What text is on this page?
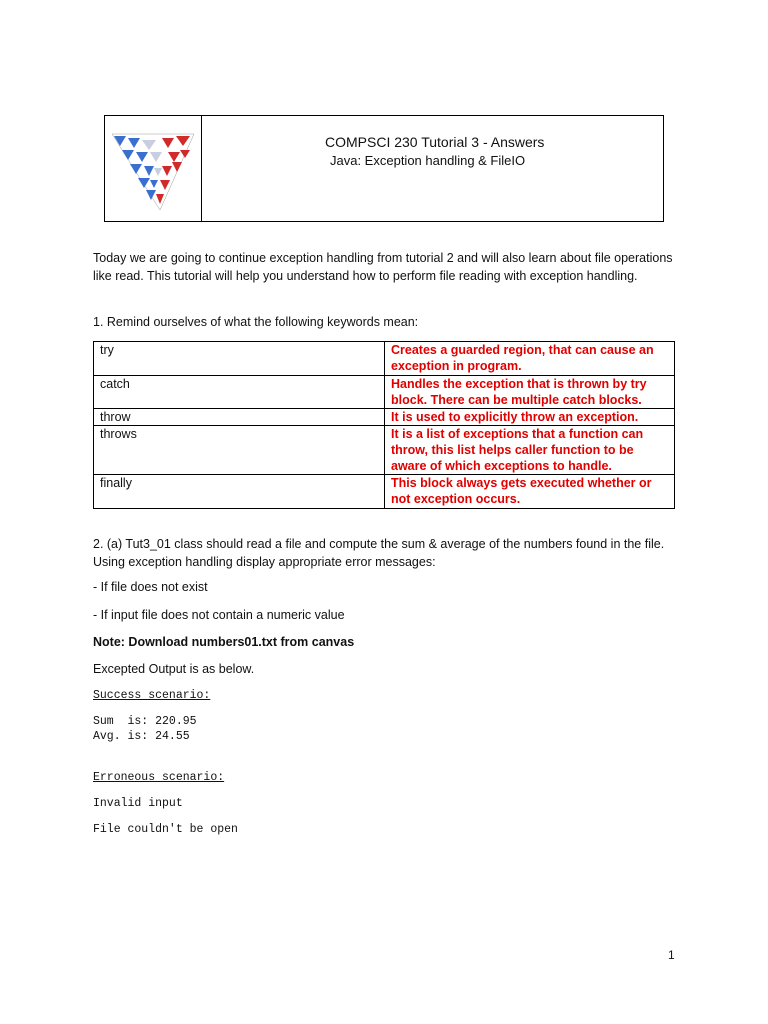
COMPSCI 230 Tutorial 3 - Answers
Java: Exception handling & FileIO

Today we are going to continue exception handling from tutorial 2 and will also learn about file operations like read. This tutorial will help you understand how to perform file reading with exception handling.

1. Remind ourselves of what the following keywords mean:

try	Creates a guarded region, that can cause an exception in program.
catch	Handles the exception that is thrown by try block. There can be multiple catch blocks.
throw	It is used to explicitly throw an exception.
throws	It is a list of exceptions that a function can throw, this list helps caller function to be aware of which exceptions to handle.
finally	This block always gets executed whether or not exception occurs.

2. (a) Tut3_01 class should read a file and compute the sum & average of the numbers found in the file. Using exception handling display appropriate error messages:

- If file does not exist
- If input file does not contain a numeric value
Note: Download numbers01.txt from canvas
Excepted Output is as below.
Success scenario:
Sum  is: 220.95
Avg. is: 24.55
Erroneous scenario:
Invalid input
File couldn't be open
1
